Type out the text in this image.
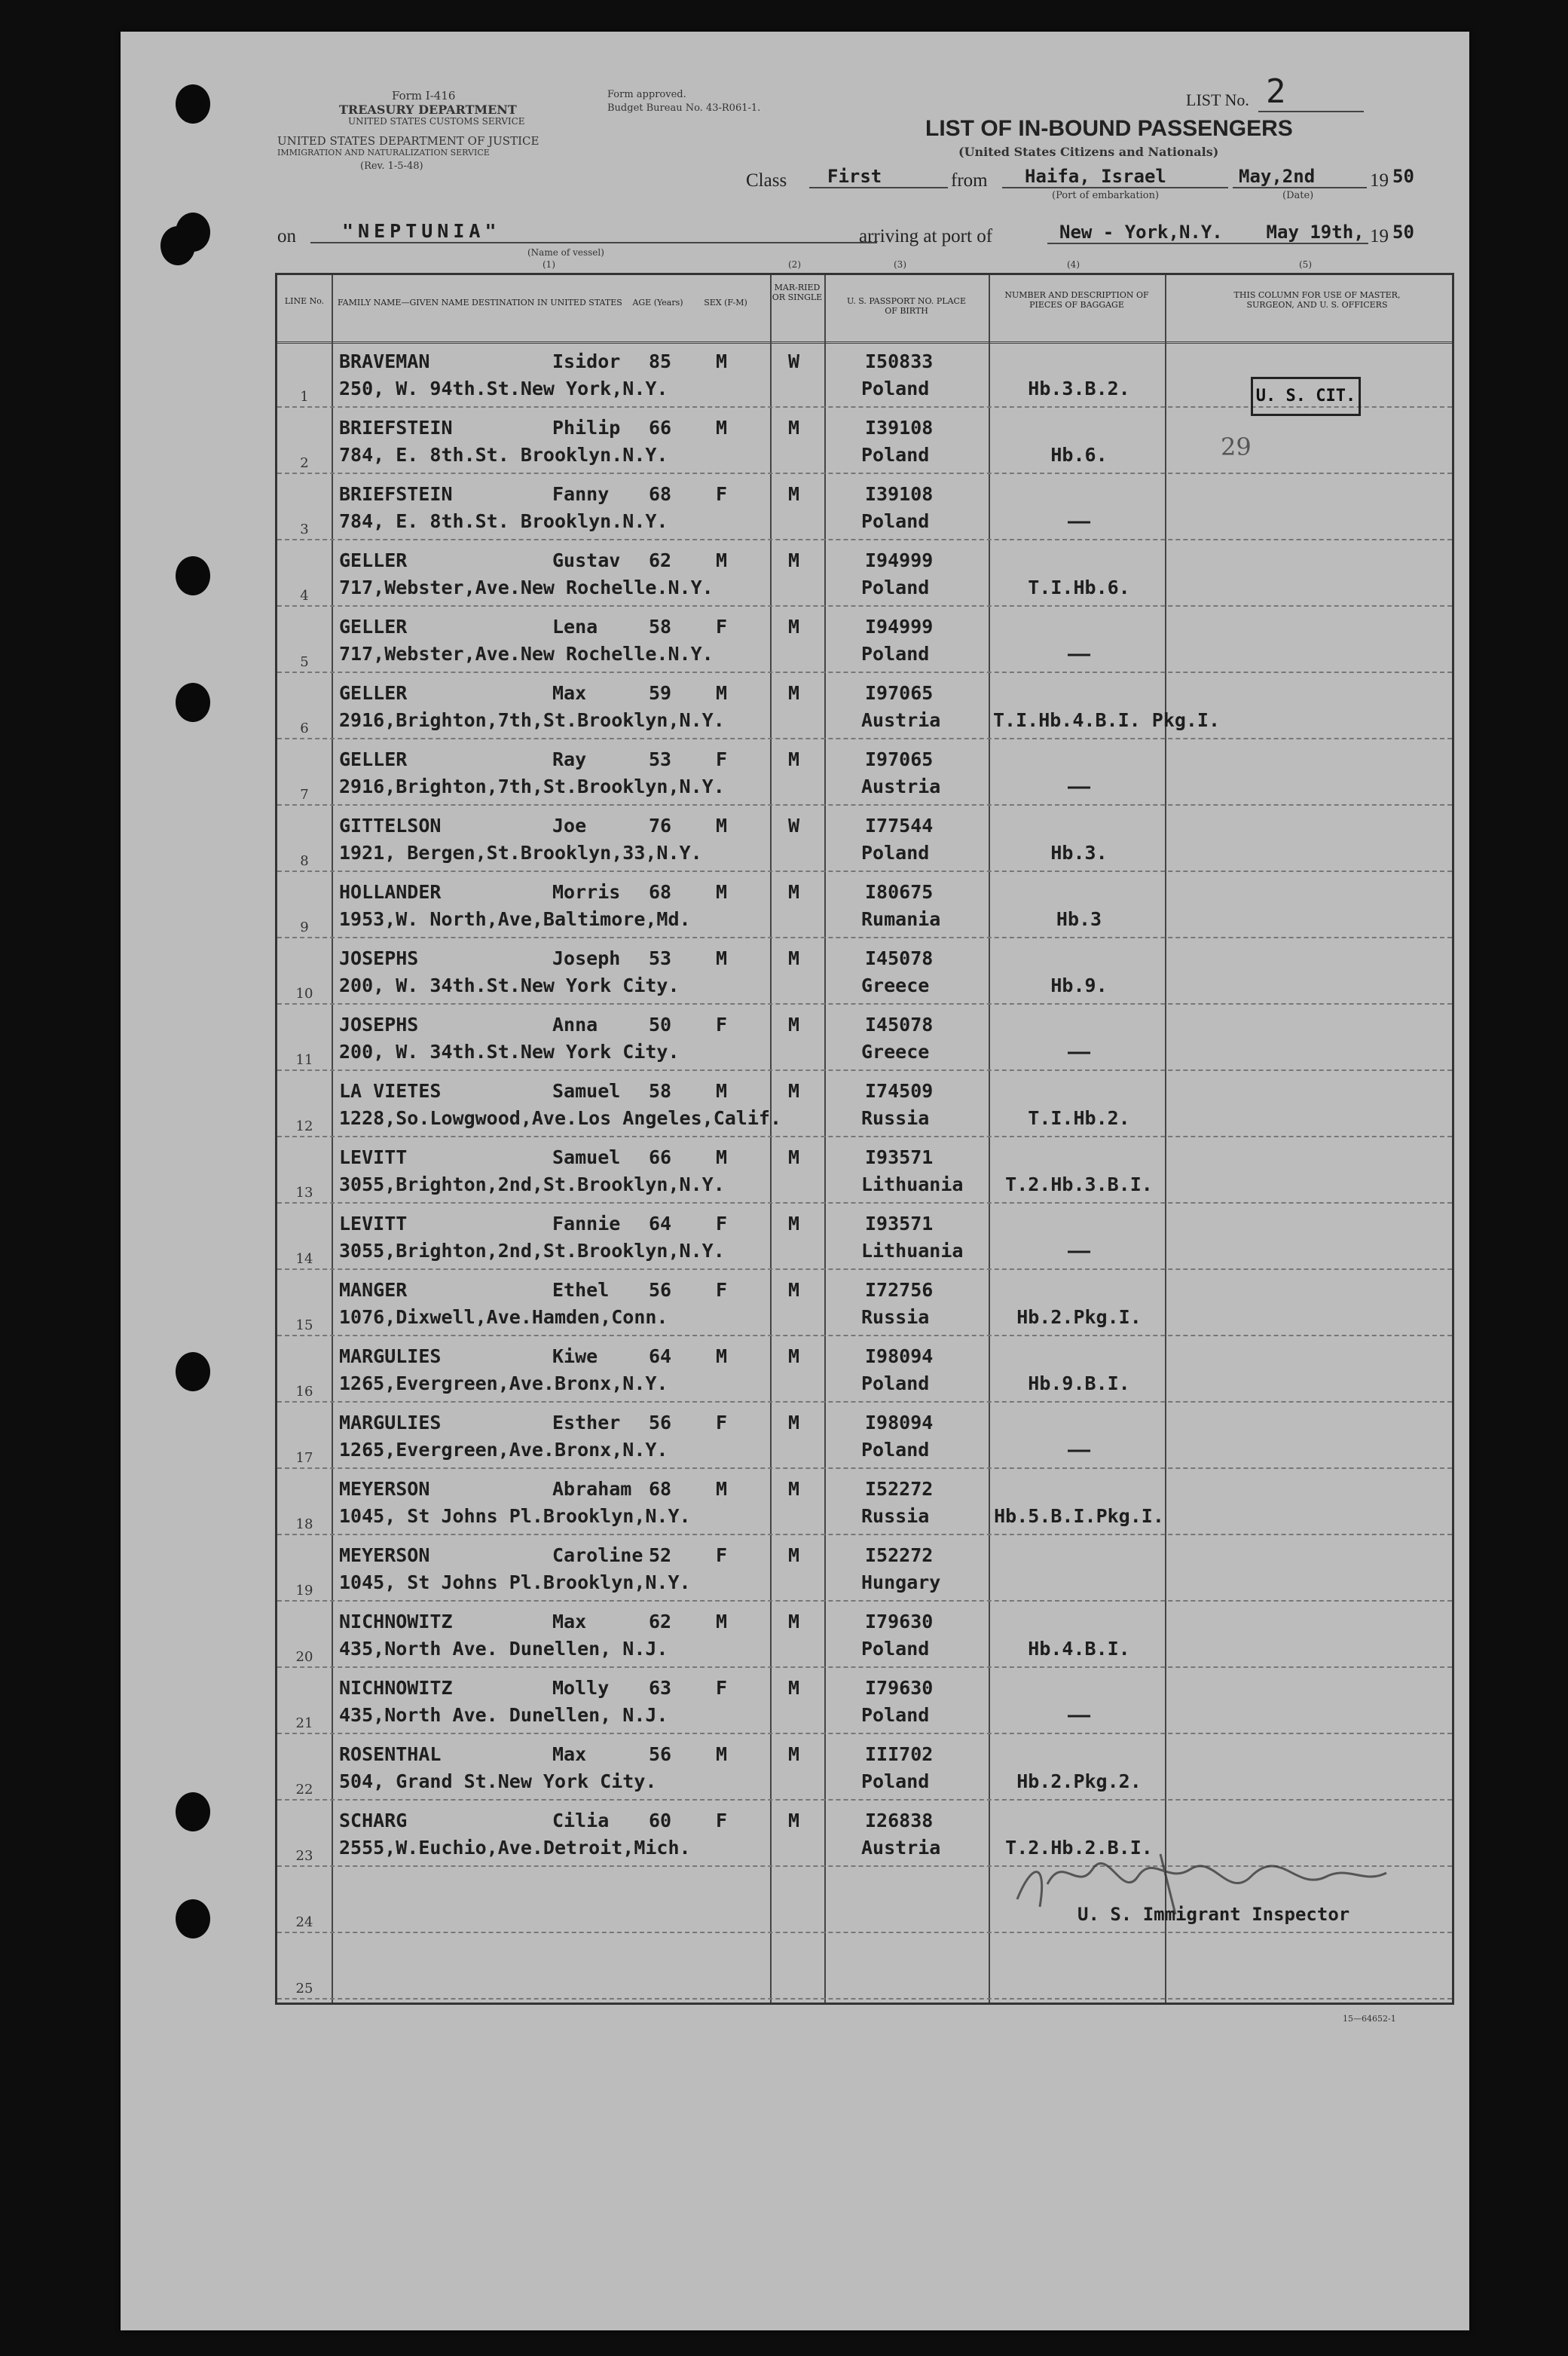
Form I-416
TREASURY DEPARTMENT
UNITED STATES CUSTOMS SERVICE
UNITED STATES DEPARTMENT OF JUSTICE
IMMIGRATION AND NATURALIZATION SERVICE
(Rev. 1-5-48)
Form approved.
Budget Bureau No. 43-R061-1.	LIST No. 2
LIST OF IN-BOUND PASSENGERS
(United States Citizens and Nationals)
Class	First	from	Haifa, Israel
(Port of embarkation)
May,2nd
(Date)
19 50
on	"NEPTUNIA"
(Name of vessel)
(1)
arriving at port of	New - York,N.Y. May 19th, 19 50
(2)	(3)	(4)	(5)
LINE No.	FAMILY NAME—GIVEN NAME DESTINATION IN UNITED STATES	AGE (Years)	SEX (F-M)
MAR-RIED OR SINGLE	U. S. PASSPORT NO. PLACE OF BIRTH
NUMBER AND DESCRIPTION OF PIECES OF BAGGAGE
THIS COLUMN FOR USE OF MASTER, SURGEON, AND U. S. OFFICERS
1
BRAVEMAN	Isidor 85 M	W	I50833
250, W. 94th.St.New York,N.Y.	Poland	Hb.3.B.2.
2
BRIEFSTEIN	Philip 66 M	M	I39108
784, E. 8th.St. Brooklyn.N.Y.	Poland	Hb.6.
3
BRIEFSTEIN	Fanny 68 F	M	I39108
784, E. 8th.St. Brooklyn.N.Y.	Poland	——
4
GELLER	Gustav 62 M	M	I94999
717,Webster,Ave.New Rochelle.N.Y.	Poland	T.I.Hb.6.
5
GELLER	Lena	58 F	M	I94999
717,Webster,Ave.New Rochelle.N.Y.	Poland	——
6
GELLER	Max	59 M	M	I97065
2916,Brighton,7th,St.Brooklyn,N.Y.	Austria	T.I.Hb.4.B.I. Pkg.I.
7
GELLER	Ray	53 F	M	I97065
2916,Brighton,7th,St.Brooklyn,N.Y.	Austria	——
8
GITTELSON	Joe	76 M	W	I77544
1921, Bergen,St.Brooklyn,33,N.Y.	Poland	Hb.3.
9
HOLLANDER	Morris 68 M	M	I80675
1953,W. North,Ave,Baltimore,Md.	Rumania	Hb.3
10
JOSEPHS	Joseph 53 M	M	I45078
200, W. 34th.St.New York City.	Greece	Hb.9.
11
JOSEPHS	Anna	50 F	M	I45078
200, W. 34th.St.New York City.	Greece	——
12
LA VIETES	Samuel 58 M	M	I74509
1228,So.Lowgwood,Ave.Los Angeles,Calif.	Russia	T.I.Hb.2.
13
LEVITT	Samuel 66 M	M	I93571
3055,Brighton,2nd,St.Brooklyn,N.Y.	Lithuania	T.2.Hb.3.B.I.
14
LEVITT	Fannie 64 F	M	I93571
3055,Brighton,2nd,St.Brooklyn,N.Y.	Lithuania	——
15
MANGER	Ethel 56 F	M	I72756
1076,Dixwell,Ave.Hamden,Conn.	Russia	Hb.2.Pkg.I.
16
MARGULIES	Kiwe	64 M	M	I98094
1265,Evergreen,Ave.Bronx,N.Y.	Poland	Hb.9.B.I.
17
MARGULIES	Esther 56 F	M	I98094
1265,Evergreen,Ave.Bronx,N.Y.	Poland	——
18
MEYERSON	Abraham 68 M	M	I52272
1045, St Johns Pl.Brooklyn,N.Y.	Russia	Hb.5.B.I.Pkg.I.
19
MEYERSON	Caroline 52 F	M	I52272
1045, St Johns Pl.Brooklyn,N.Y.	Hungary
20
NICHNOWITZ	Max	62 M	M	I79630
435,North Ave. Dunellen, N.J.	Poland	Hb.4.B.I.
21
NICHNOWITZ	Molly 63 F	M	I79630
435,North Ave. Dunellen, N.J.	Poland	——
22
ROSENTHAL	Max	56 M	M	III702
504, Grand St.New York City.	Poland	Hb.2.Pkg.2.
23
SCHARG	Cilia 60 F	M	I26838
2555,W.Euchio,Ave.Detroit,Mich.	Austria	T.2.Hb.2.B.I.
24
25
U. S. CIT.
29
U. S. Immigrant Inspector
15—64652-1
